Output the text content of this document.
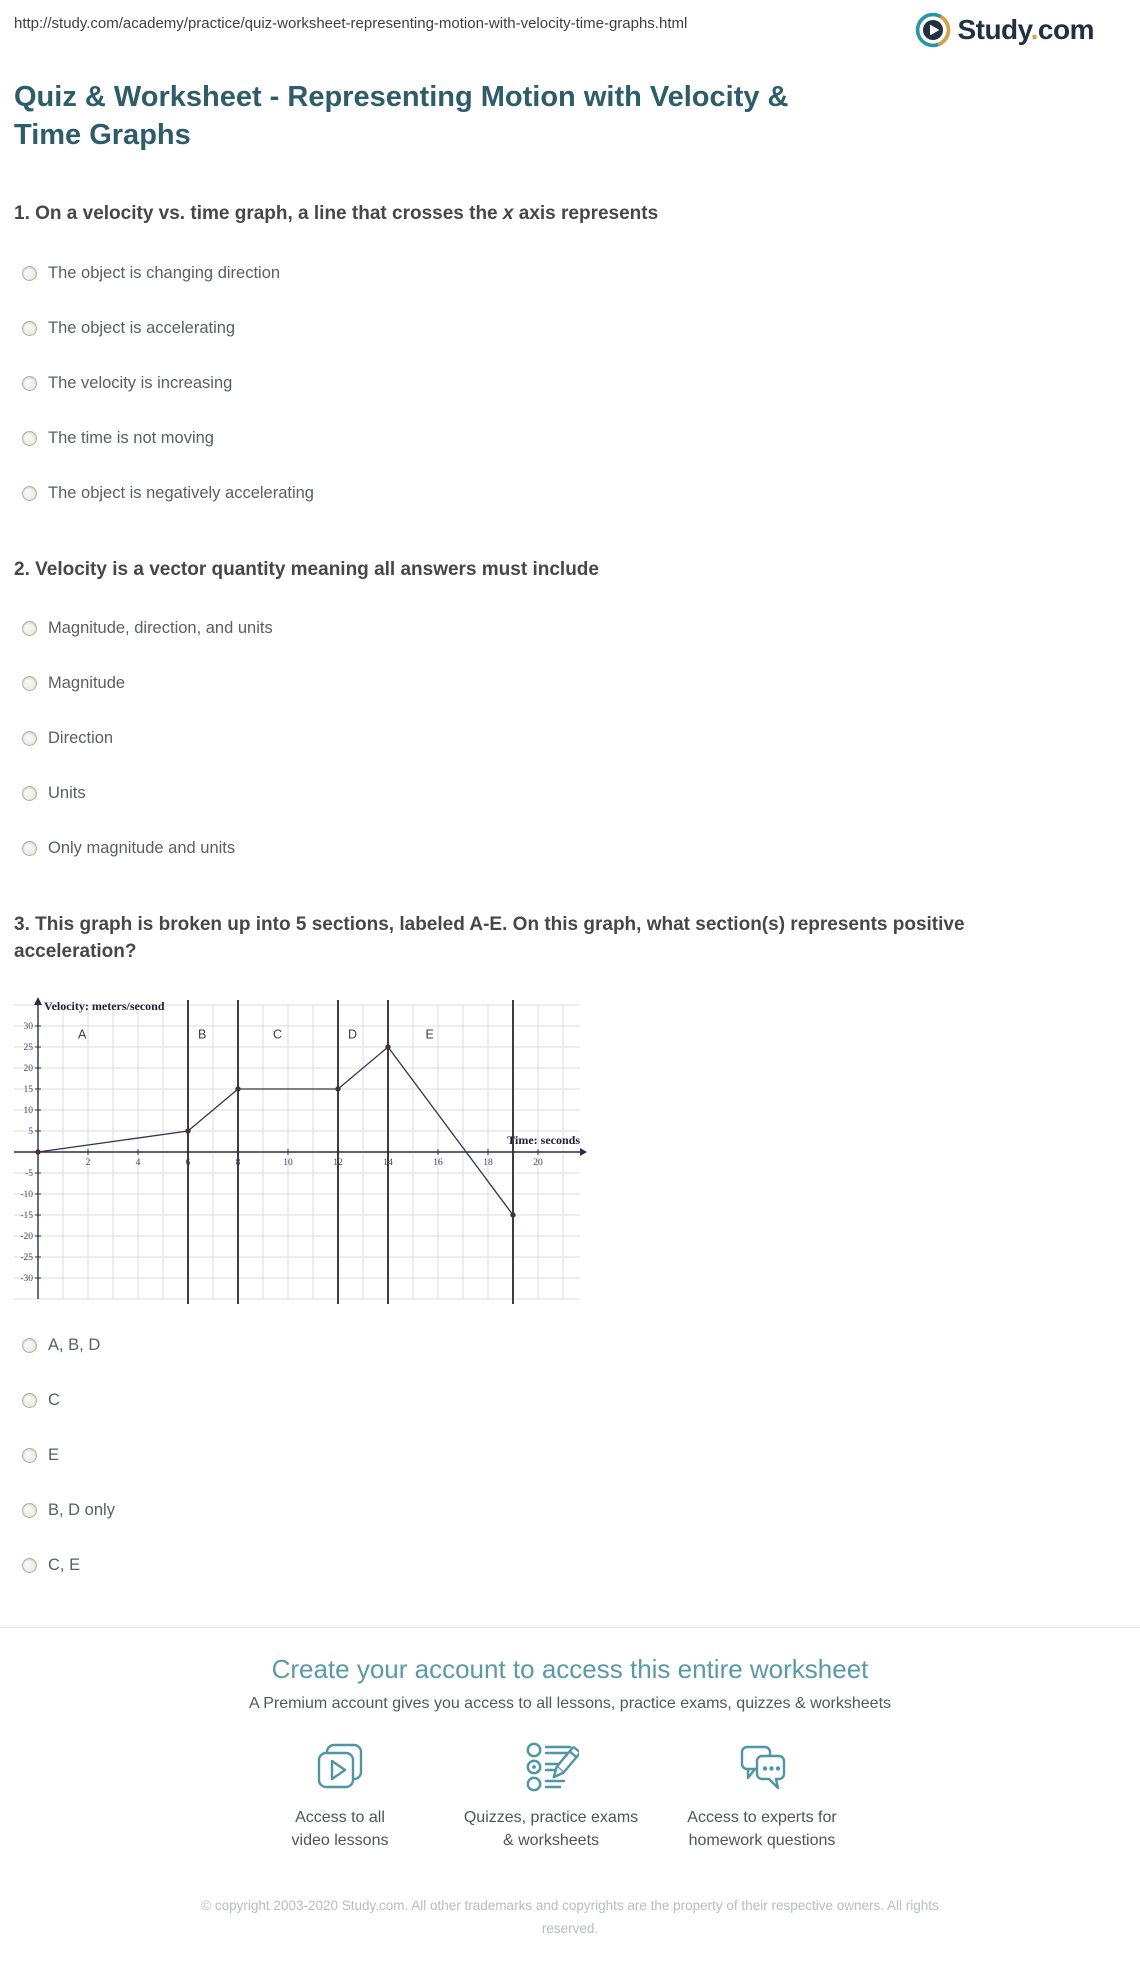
http://study.com/academy/practice/quiz-worksheet-representing-motion-with-velocity-time-graphs.html	Study.com
Quiz & Worksheet - Representing Motion with Velocity & Time Graphs
1. On a velocity vs. time graph, a line that crosses the x axis represents
The object is changing direction
The object is accelerating
The velocity is increasing
The time is not moving
The object is negatively accelerating
2. Velocity is a vector quantity meaning all answers must include
Magnitude, direction, and units
Magnitude
Direction
Units
Only magnitude and units
3. This graph is broken up into 5 sections, labeled A-E. On this graph, what section(s) represents positive acceleration?
2	4	6	8	10	12	14	16	18	20
30
25
20
15
10
5
-5
-10
-15
-20
-25
-30
A	B	C	D	E
Velocity: meters/second
Time: seconds
A, B, D
C
E
B, D only
C, E
Create your account to access this entire worksheet

A Premium account gives you access to all lessons, practice exams, quizzes & worksheets

Access to all
video lessons
Quizzes, practice exams
& worksheets
Access to experts for
homework questions

© copyright 2003-2020 Study.com. All other trademarks and copyrights are the property of their respective owners. All rights reserved.
